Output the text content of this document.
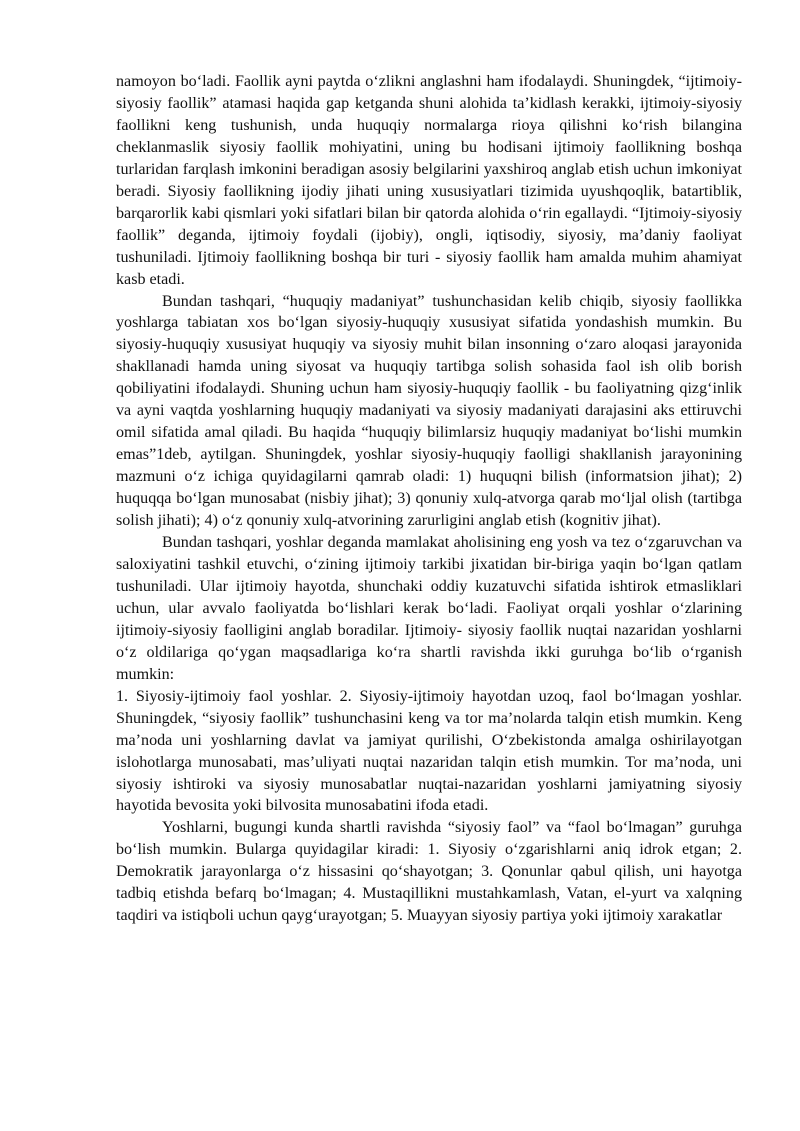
namoyon bo‘ladi. Faollik ayni paytda o‘zlikni anglashni ham ifodalaydi. Shuningdek, “ijtimoiy-siyosiy faollik” atamasi haqida gap ketganda shuni alohida ta’kidlash kerakki, ijtimoiy-siyosiy faollikni keng tushunish, unda huquqiy normalarga rioya qilishni ko‘rish bilangina cheklanmaslik siyosiy faollik mohiyatini, uning bu hodisani ijtimoiy faollikning boshqa turlaridan farqlash imkonini beradigan asosiy belgilarini yaxshiroq anglab etish uchun imkoniyat beradi. Siyosiy faollikning ijodiy jihati uning xususiyatlari tizimida uyushqoqlik, batartiblik, barqarorlik kabi qismlari yoki sifatlari bilan bir qatorda alohida o‘rin egallaydi. “Ijtimoiy-siyosiy faollik” deganda, ijtimoiy foydali (ijobiy), ongli, iqtisodiy, siyosiy, ma’daniy faoliyat tushuniladi. Ijtimoiy faollikning boshqa bir turi - siyosiy faollik ham amalda muhim ahamiyat kasb etadi.

Bundan tashqari, “huquqiy madaniyat” tushunchasidan kelib chiqib, siyosiy faollikka yoshlarga tabiatan xos bo‘lgan siyosiy-huquqiy xususiyat sifatida yondashish mumkin. Bu siyosiy-huquqiy xususiyat huquqiy va siyosiy muhit bilan insonning o‘zaro aloqasi jarayonida shakllanadi hamda uning siyosat va huquqiy tartibga solish sohasida faol ish olib borish qobiliyatini ifodalaydi. Shuning uchun ham siyosiy-huquqiy faollik - bu faoliyatning qizg‘inlik va ayni vaqtda yoshlarning huquqiy madaniyati va siyosiy madaniyati darajasini aks ettiruvchi omil sifatida amal qiladi. Bu haqida “huquqiy bilimlarsiz huquqiy madaniyat bo‘lishi mumkin emas”1deb, aytilgan. Shuningdek, yoshlar siyosiy-huquqiy faolligi shakllanish jarayonining mazmuni o‘z ichiga quyidagilarni qamrab oladi: 1) huquqni bilish (informatsion jihat); 2) huquqqa bo‘lgan munosabat (nisbiy jihat); 3) qonuniy xulq-atvorga qarab mo‘ljal olish (tartibga solish jihati); 4) o‘z qonuniy xulq-atvorining zarurligini anglab etish (kognitiv jihat).

Bundan tashqari, yoshlar deganda mamlakat aholisining eng yosh va tez o‘zgaruvchan va saloxiyatini tashkil etuvchi, o‘zining ijtimoiy tarkibi jixatidan bir-biriga yaqin bo‘lgan qatlam tushuniladi. Ular ijtimoiy hayotda, shunchaki oddiy kuzatuvchi sifatida ishtirok etmasliklari uchun, ular avvalo faoliyatda bo‘lishlari kerak bo‘ladi. Faoliyat orqali yoshlar o‘zlarining ijtimoiy-siyosiy faolligini anglab boradilar. Ijtimoiy- siyosiy faollik nuqtai nazaridan yoshlarni o‘z oldilariga qo‘ygan maqsadlariga ko‘ra shartli ravishda ikki guruhga bo‘lib o‘rganish mumkin:

1. Siyosiy-ijtimoiy faol yoshlar. 2. Siyosiy-ijtimoiy hayotdan uzoq, faol bo‘lmagan yoshlar. Shuningdek, “siyosiy faollik” tushunchasini keng va tor ma’nolarda talqin etish mumkin. Keng ma’noda uni yoshlarning davlat va jamiyat qurilishi, O‘zbekistonda amalga oshirilayotgan islohotlarga munosabati, mas’uliyati nuqtai nazaridan talqin etish mumkin. Tor ma’noda, uni siyosiy ishtiroki va siyosiy munosabatlar nuqtai-nazaridan yoshlarni jamiyatning siyosiy hayotida bevosita yoki bilvosita munosabatini ifoda etadi.

Yoshlarni, bugungi kunda shartli ravishda “siyosiy faol” va “faol bo‘lmagan” guruhga bo‘lish mumkin. Bularga quyidagilar kiradi: 1. Siyosiy o‘zgarishlarni aniq idrok etgan; 2. Demokratik jarayonlarga o‘z hissasini qo‘shayotgan; 3. Qonunlar qabul qilish, uni hayotga tadbiq etishda befarq bo‘lmagan; 4. Mustaqillikni mustahkamlash, Vatan, el-yurt va xalqning taqdiri va istiqboli uchun qayg‘urayotgan; 5. Muayyan siyosiy partiya yoki ijtimoiy xarakatlar
